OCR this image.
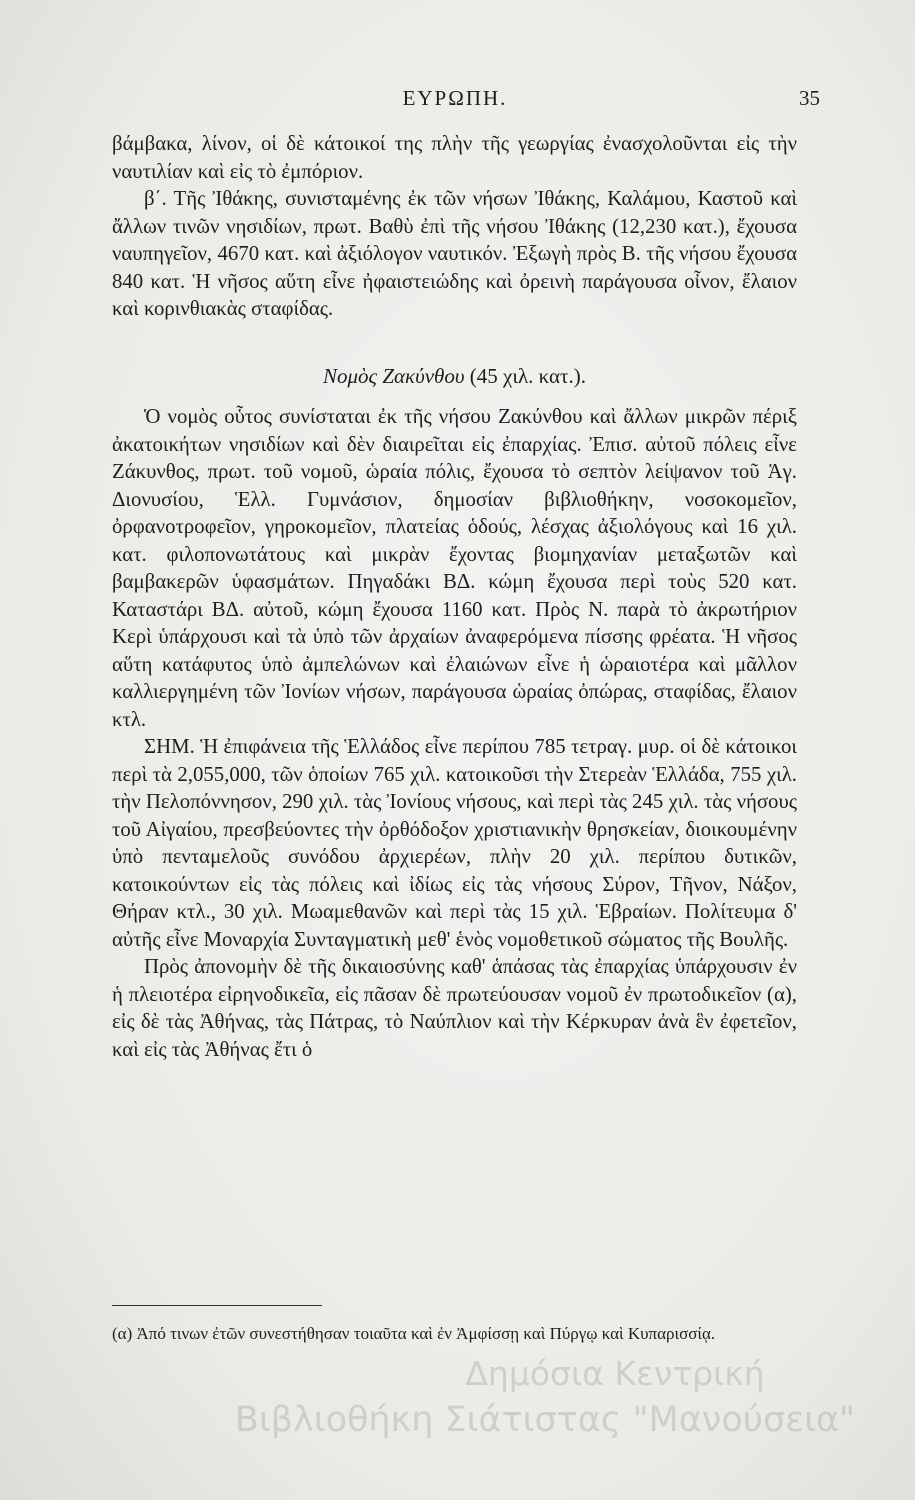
ΕΥΡΩΠΗ.	35

βάμβακα, λίνον, οἱ δὲ κάτοικοί της πλὴν τῆς γεωργίας ἐνασχολοῦνται εἰς τὴν ναυτιλίαν καὶ εἰς τὸ ἐμπόριον.

β΄. Τῆς Ἰθάκης, συνισταμένης ἐκ τῶν νήσων Ἰθάκης, Καλάμου, Καστοῦ καὶ ἄλλων τινῶν νησιδίων, πρωτ. Βαθὺ ἐπὶ τῆς νήσου Ἰθάκης (12,230 κατ.), ἔχουσα ναυπηγεῖον, 4670 κατ. καὶ ἀξιόλογον ναυτικόν. Ἐξωγὴ πρὸς Β. τῆς νήσου ἔχουσα 840 κατ. Ἡ νῆσος αὕτη εἶνε ἠφαιστειώδης καὶ ὀρεινὴ παράγουσα οἶνον, ἔλαιον καὶ κορινθιακὰς σταφίδας.

Νομὸς Ζακύνθου (45 χιλ. κατ.).

Ὁ νομὸς οὗτος συνίσταται ἐκ τῆς νήσου Ζακύνθου καὶ ἄλλων μικρῶν πέριξ ἀκατοικήτων νησιδίων καὶ δὲν διαιρεῖται εἰς ἐπαρχίας. Ἐπισ. αὐτοῦ πόλεις εἶνε Ζάκυνθος, πρωτ. τοῦ νομοῦ, ὡραία πόλις, ἔχουσα τὸ σεπτὸν λείψανον τοῦ Ἁγ. Διονυσίου, Ἑλλ. Γυμνάσιον, δημοσίαν βιβλιοθήκην, νοσοκομεῖον, ὀρφανοτροφεῖον, γηροκομεῖον, πλατείας ὁδούς, λέσχας ἀξιολόγους καὶ 16 χιλ. κατ. φιλοπονωτάτους καὶ μικρὰν ἔχοντας βιομηχανίαν μεταξωτῶν καὶ βαμβακερῶν ὑφασμάτων. Πηγαδάκι ΒΔ. κώμη ἔχουσα περὶ τοὺς 520 κατ. Καταστάρι ΒΔ. αὐτοῦ, κώμη ἔχουσα 1160 κατ. Πρὸς Ν. παρὰ τὸ ἀκρωτήριον Κερὶ ὑπάρχουσι καὶ τὰ ὑπὸ τῶν ἀρχαίων ἀναφερόμενα πίσσης φρέατα. Ἡ νῆσος αὕτη κατάφυτος ὑπὸ ἀμπελώνων καὶ ἐλαιώνων εἶνε ἡ ὡραιοτέρα καὶ μᾶλλον καλλιεργημένη τῶν Ἰονίων νήσων, παράγουσα ὡραίας ὀπώρας, σταφίδας, ἔλαιον κτλ.

ΣΗΜ. Ἡ ἐπιφάνεια τῆς Ἑλλάδος εἶνε περίπου 785 τετραγ. μυρ. οἱ δὲ κάτοικοι περὶ τὰ 2,055,000, τῶν ὁποίων 765 χιλ. κατοικοῦσι τὴν Στερεὰν Ἑλλάδα, 755 χιλ. τὴν Πελοπόννησον, 290 χιλ. τὰς Ἰονίους νήσους, καὶ περὶ τὰς 245 χιλ. τὰς νήσους τοῦ Αἰγαίου, πρεσβεύοντες τὴν ὀρθόδοξον χριστιανικὴν θρησκείαν, διοικουμένην ὑπὸ πενταμελοῦς συνόδου ἀρχιερέων, πλὴν 20 χιλ. περίπου δυτικῶν, κατοικούντων εἰς τὰς πόλεις καὶ ἰδίως εἰς τὰς νήσους Σύρον, Τῆνον, Νάξον, Θήραν κτλ., 30 χιλ. Μωαμεθανῶν καὶ περὶ τὰς 15 χιλ. Ἑβραίων. Πολίτευμα δ' αὐτῆς εἶνε Μοναρχία Συνταγματικὴ μεθ' ἑνὸς νομοθετικοῦ σώματος τῆς Βουλῆς.

Πρὸς ἀπονομὴν δὲ τῆς δικαιοσύνης καθ' ἁπάσας τὰς ἐπαρχίας ὑπάρχουσιν ἐν ἡ πλειοτέρα εἰρηνοδικεῖα, εἰς πᾶσαν δὲ πρωτεύουσαν νομοῦ ἐν πρωτοδικεῖον (α), εἰς δὲ τὰς Ἀθήνας, τὰς Πάτρας, τὸ Ναύπλιον καὶ τὴν Κέρκυραν ἀνὰ ἓν ἐφετεῖον, καὶ εἰς τὰς Ἀθήνας ἔτι ὁ

(α) Ἀπό τινων ἐτῶν συνεστήθησαν τοιαῦτα καὶ ἐν Ἀμφίσσῃ καὶ Πύργῳ καὶ Κυπαρισσίᾳ.
Δημόσια Κεντρική
Βιβλιοθήκη Σιάτιστας "Μανούσεια"
